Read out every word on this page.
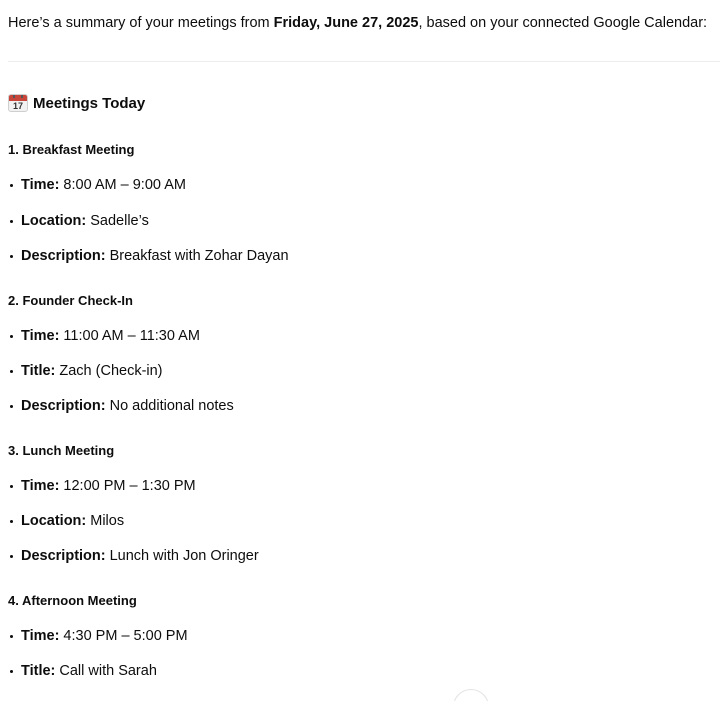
Here’s a summary of your meetings from Friday, June 27, 2025, based on your connected Google Calendar:
17 Meetings Today
1. Breakfast Meeting
Time: 8:00 AM – 9:00 AM
Location: Sadelle’s
Description: Breakfast with Zohar Dayan
2. Founder Check-In
Time: 11:00 AM – 11:30 AM
Title: Zach (Check-in)
Description: No additional notes
3. Lunch Meeting
Time: 12:00 PM – 1:30 PM
Location: Milos
Description: Lunch with Jon Oringer
4. Afternoon Meeting
Time: 4:30 PM – 5:00 PM
Title: Call with Sarah
